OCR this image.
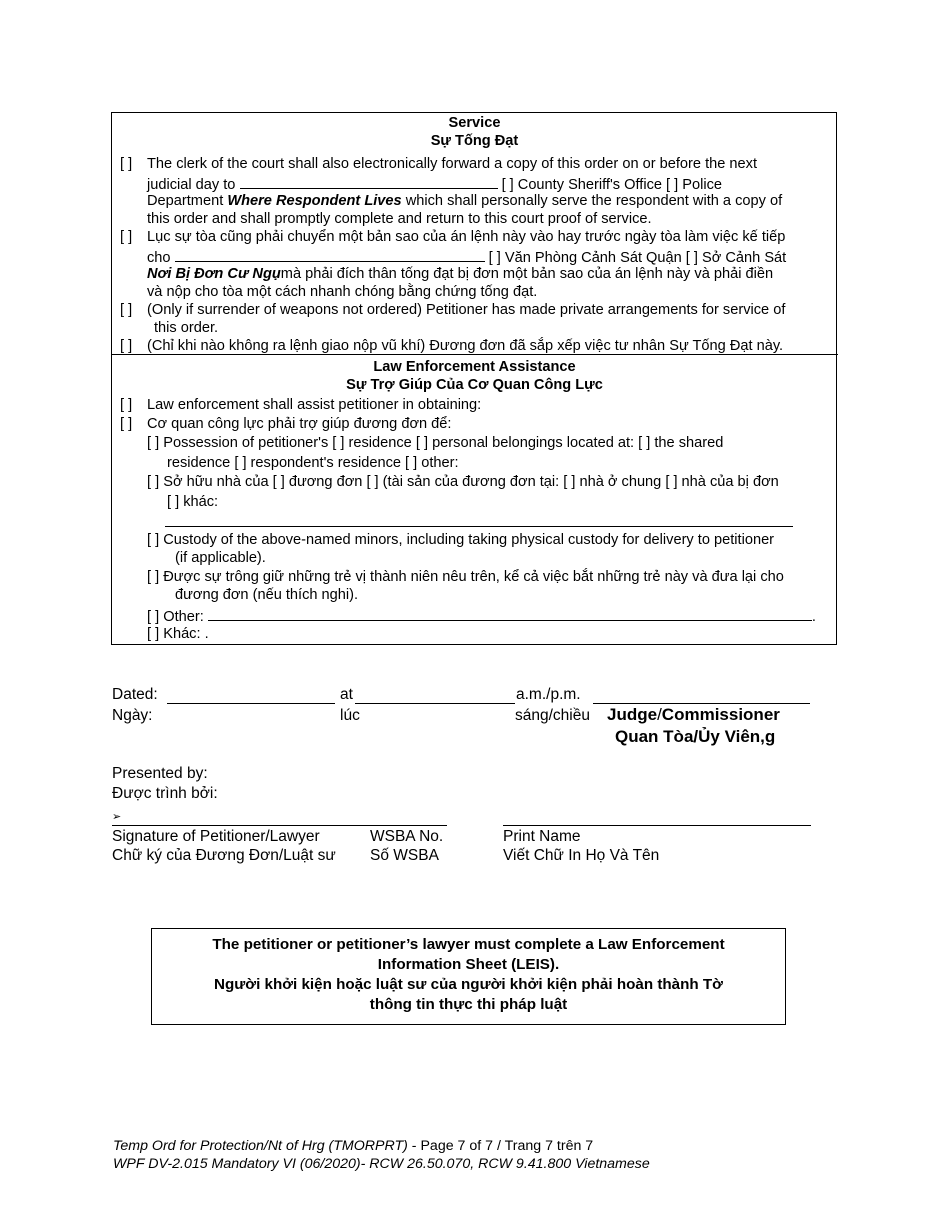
Service
Sự Tống Đạt
[ ] The clerk of the court shall also electronically forward a copy of this order on or before the next
judicial day to	[ ] County Sheriff's Office [ ] Police
Department Where Respondent Lives which shall personally serve the respondent with a copy of
this order and shall promptly complete and return to this court proof of service.
[ ] Lục sự tòa cũng phải chuyển một bản sao của án lệnh này vào hay trước ngày tòa làm việc kế tiếp
cho	[ ] Văn Phòng Cảnh Sát Quận [ ] Sở Cảnh Sát
Nơi Bị Đơn Cư Ngụmà phải đích thân tống đạt bị đơn một bản sao của án lệnh này và phải điền
và nộp cho tòa một cách nhanh chóng bằng chứng tống đạt.
[ ] (Only if surrender of weapons not ordered) Petitioner has made private arrangements for service of
this order.
[ ] (Chỉ khi nào không ra lệnh giao nộp vũ khí) Đương đơn đã sắp xếp việc tư nhân Sự Tống Đạt này.
Law Enforcement Assistance
Sự Trợ Giúp Của Cơ Quan Công Lực
[ ] Law enforcement shall assist petitioner in obtaining:
[ ] Cơ quan công lực phải trợ giúp đương đơn để:
[ ] Possession of petitioner's [ ] residence [ ] personal belongings located at: [ ] the shared
residence [ ] respondent's residence [ ] other:
[ ] Sở hữu nhà của [ ] đương đơn [ ] (tài sản của đương đơn tại: [ ] nhà ở chung [ ] nhà của bị đơn
[ ] khác:
[ ] Custody of the above-named minors, including taking physical custody for delivery to petitioner
(if applicable).
[ ] Được sự trông giữ những trẻ vị thành niên nêu trên, kể cả việc bắt những trẻ này và đưa lại cho
đương đơn (nếu thích nghi).
[ ] Other:	.
[ ] Khác: .
Dated:	at	a.m./p.m.
Ngày:	lúc	sáng/chiều Judge/Commissioner
Quan Tòa/Ủy Viên,g
Presented by:
Được trình bởi:
➢
Signature of Petitioner/Lawyer	WSBA No.	Print Name
Chữ ký của Đương Đơn/Luật sư Số WSBA	Viết Chữ In Họ Và Tên
The petitioner or petitioner’s lawyer must complete a Law Enforcement
Information Sheet (LEIS).
Người khởi kiện hoặc luật sư của người khởi kiện phải hoàn thành Tờ
thông tin thực thi pháp luật
Temp Ord for Protection/Nt of Hrg (TMORPRT) - Page 7 of 7 / Trang 7 trên 7
WPF DV-2.015 Mandatory VI (06/2020)- RCW 26.50.070, RCW 9.41.800 Vietnamese
